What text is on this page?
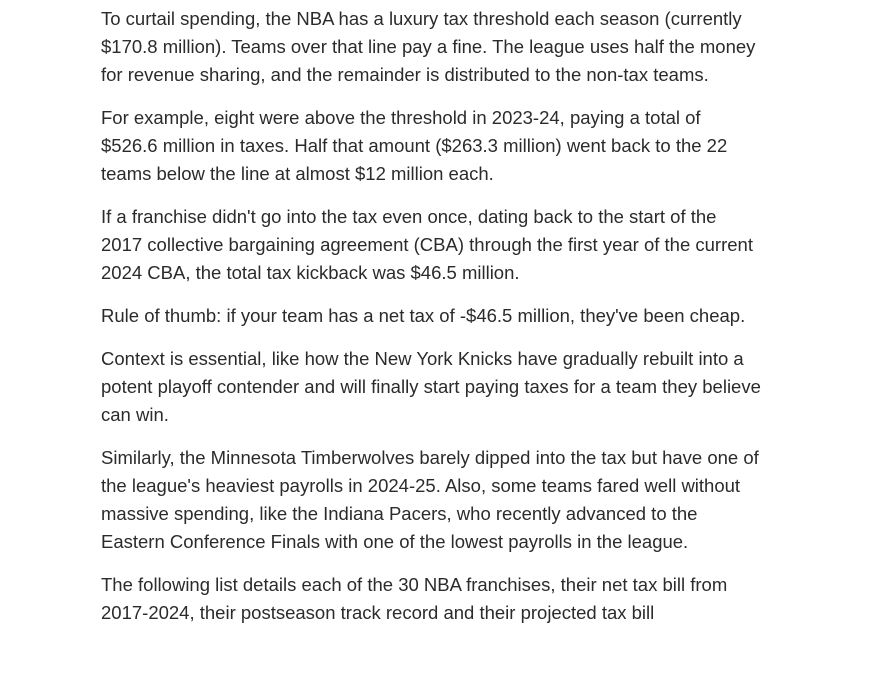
To curtail spending, the NBA has a luxury tax threshold each season (currently $170.8 million). Teams over that line pay a fine. The league uses half the money for revenue sharing, and the remainder is distributed to the non-tax teams.

For example, eight were above the threshold in 2023-24, paying a total of $526.6 million in taxes. Half that amount ($263.3 million) went back to the 22 teams below the line at almost $12 million each.

If a franchise didn't go into the tax even once, dating back to the start of the 2017 collective bargaining agreement (CBA) through the first year of the current 2024 CBA, the total tax kickback was $46.5 million.

Rule of thumb: if your team has a net tax of -$46.5 million, they've been cheap.

Context is essential, like how the New York Knicks have gradually rebuilt into a potent playoff contender and will finally start paying taxes for a team they believe can win.

Similarly, the Minnesota Timberwolves barely dipped into the tax but have one of the league's heaviest payrolls in 2024-25. Also, some teams fared well without massive spending, like the Indiana Pacers, who recently advanced to the Eastern Conference Finals with one of the lowest payrolls in the league.

The following list details each of the 30 NBA franchises, their net tax bill from 2017-2024, their postseason track record and their projected tax bill
